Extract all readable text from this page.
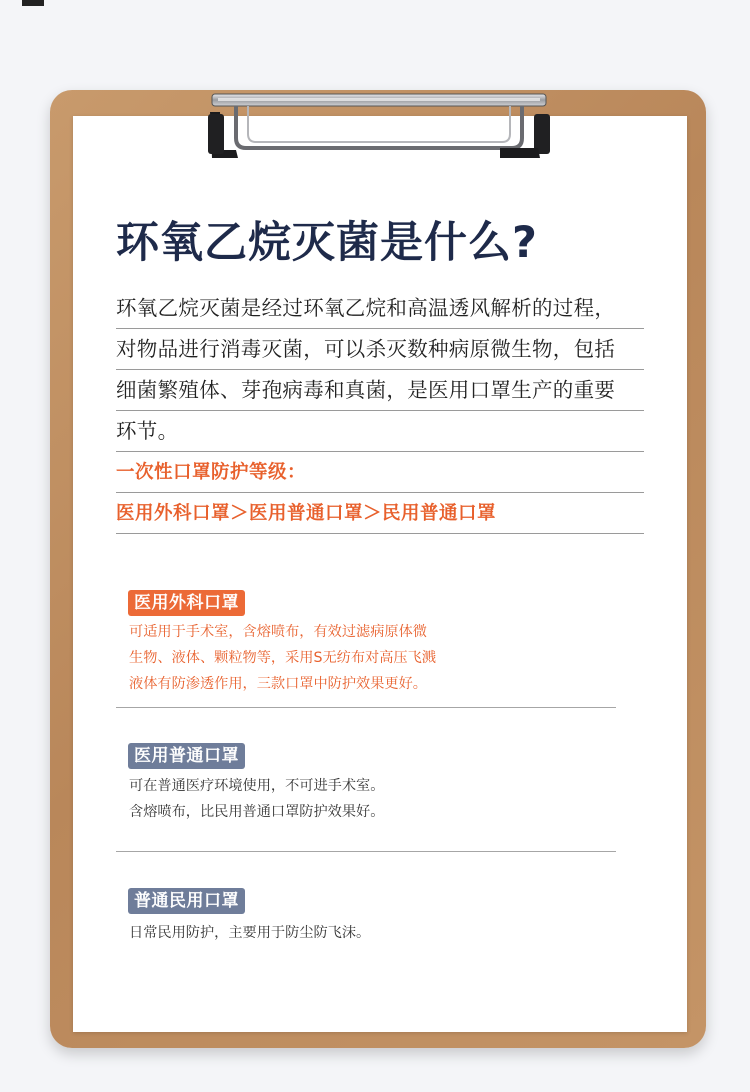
环氧乙烷灭菌是什么?
环氧乙烷灭菌是经过环氧乙烷和高温透风解析的过程，
对物品进行消毒灭菌，可以杀灭数种病原微生物，包括
细菌繁殖体、芽孢病毒和真菌，是医用口罩生产的重要
环节。
一次性口罩防护等级：
医用外科口罩＞医用普通口罩＞民用普通口罩
医用外科口罩
可适用于手术室，含熔喷布，有效过滤病原体微
生物、液体、颗粒物等，采用S无纺布对高压飞溅
液体有防渗透作用，三款口罩中防护效果更好。
医用普通口罩
可在普通医疗环境使用，不可进手术室。
含熔喷布，比民用普通口罩防护效果好。
普通民用口罩
日常民用防护，主要用于防尘防飞沫。
